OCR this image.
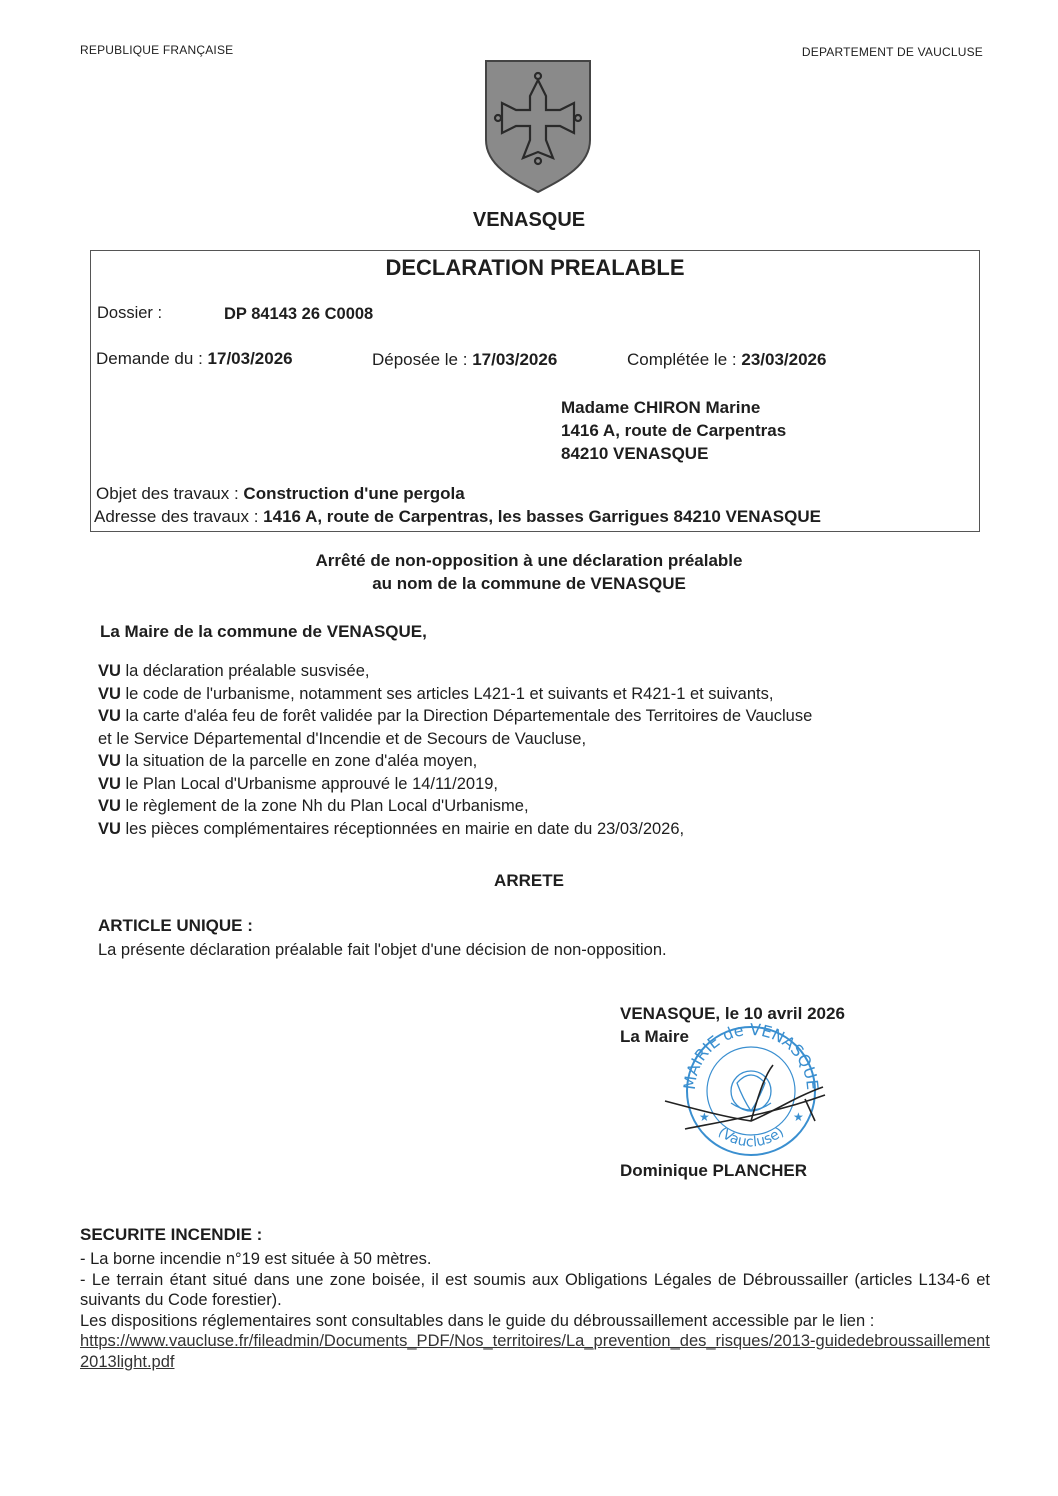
REPUBLIQUE FRANÇAISE	DEPARTEMENT DE VAUCLUSE
VENASQUE
DECLARATION PREALABLE
Dossier :	DP 84143 26 C0008
Demande du : 17/03/2026	Déposée le : 17/03/2026	Complétée le : 23/03/2026
Madame CHIRON Marine
1416 A, route de Carpentras
84210 VENASQUE
Objet des travaux : Construction d'une pergola
Adresse des travaux : 1416 A, route de Carpentras, les basses Garrigues 84210 VENASQUE
Arrêté de non-opposition à une déclaration préalable
au nom de la commune de VENASQUE
La Maire de la commune de VENASQUE,
VU la déclaration préalable susvisée,
VU le code de l'urbanisme, notamment ses articles L421-1 et suivants et R421-1 et suivants,
VU la carte d'aléa feu de forêt validée par la Direction Départementale des Territoires de Vaucluse
et le Service Départemental d'Incendie et de Secours de Vaucluse,
VU la situation de la parcelle en zone d'aléa moyen,
VU le Plan Local d'Urbanisme approuvé le 14/11/2019,
VU le règlement de la zone Nh du Plan Local d'Urbanisme,
VU les pièces complémentaires réceptionnées en mairie en date du 23/03/2026,
ARRETE
ARTICLE UNIQUE :
La présente déclaration préalable fait l'objet d'une décision de non-opposition.
MAIRIE de VENASQUE
(Vaucluse)
★	★
VENASQUE, le 10 avril 2026
La Maire
Dominique PLANCHER
SECURITE INCENDIE :

- La borne incendie n°19 est située à 50 mètres.

- Le terrain étant situé dans une zone boisée, il est soumis aux Obligations Légales de Débroussailler (articles L134-6 et suivants du Code forestier).

Les dispositions réglementaires sont consultables dans le guide du débroussaillement accessible par le lien :

https://www.vaucluse.fr/fileadmin/Documents_PDF/Nos_territoires/La_prevention_des_risques/2013-guidedebroussaillement2013light.pdf
